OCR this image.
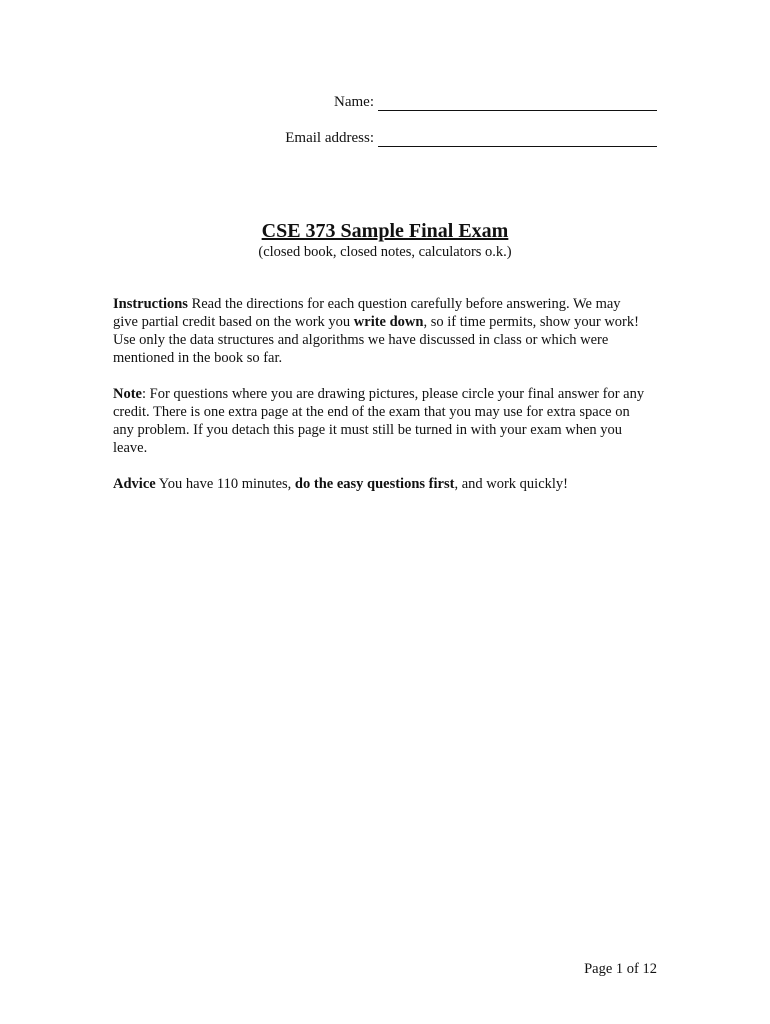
Name:
Email address:
CSE 373 Sample Final Exam
(closed book, closed notes, calculators o.k.)
Instructions Read the directions for each question carefully before answering. We may give partial credit based on the work you write down, so if time permits, show your work! Use only the data structures and algorithms we have discussed in class or which were mentioned in the book so far.
Note: For questions where you are drawing pictures, please circle your final answer for any credit. There is one extra page at the end of the exam that you may use for extra space on any problem. If you detach this page it must still be turned in with your exam when you leave.
Advice You have 110 minutes, do the easy questions first, and work quickly!
Page 1 of 12
